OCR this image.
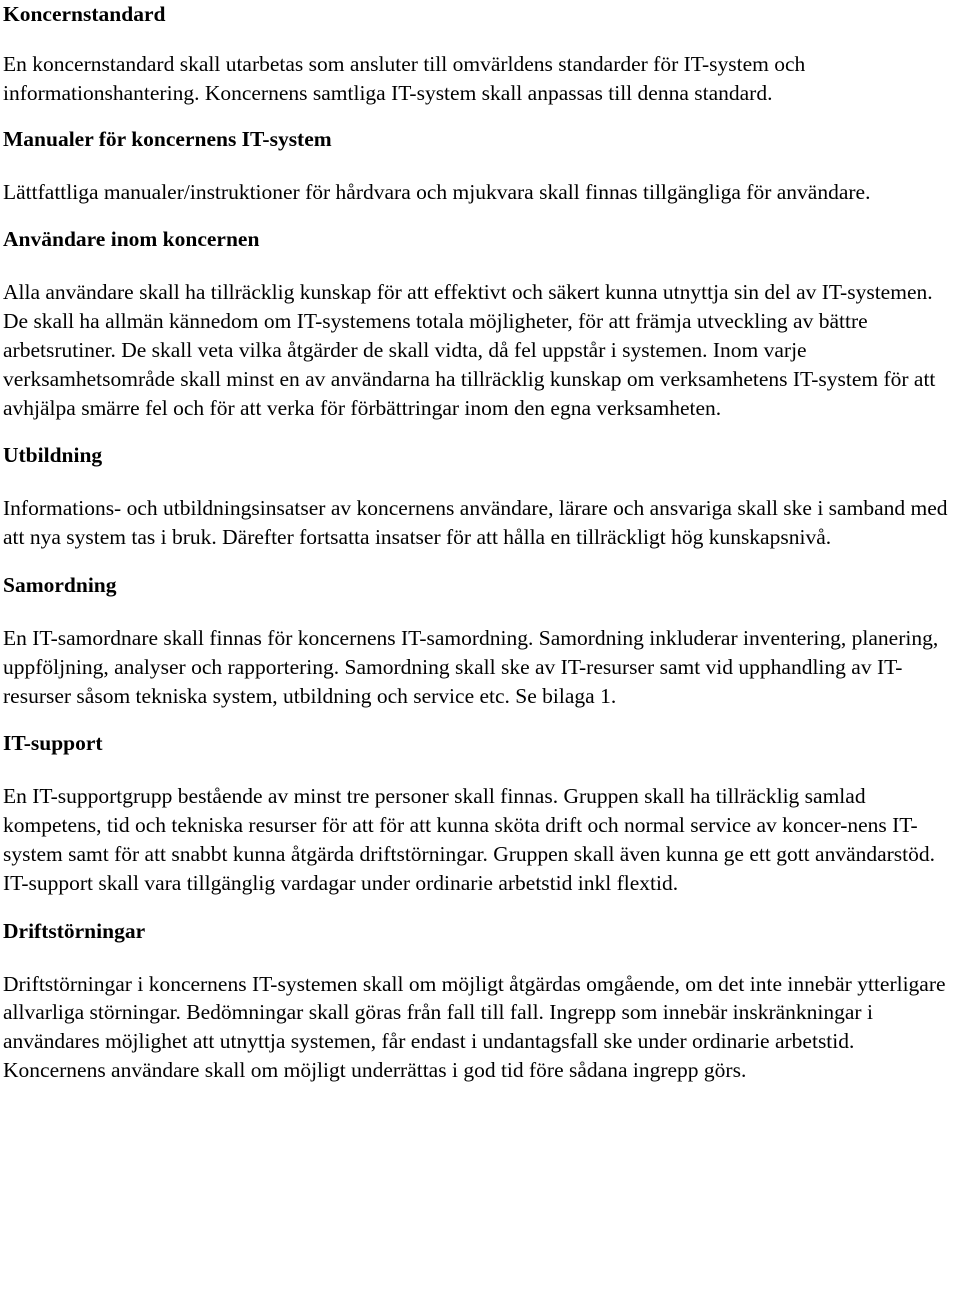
Koncernstandard

En koncernstandard skall utarbetas som ansluter till omvärldens standarder för IT-system och informationshantering. Koncernens samtliga IT-system skall anpassas till denna standard.

Manualer för koncernens IT-system

Lättfattliga manualer/instruktioner för hårdvara och mjukvara skall finnas tillgängliga för användare.

Användare inom koncernen

Alla användare skall ha tillräcklig kunskap för att effektivt och säkert kunna utnyttja sin del av IT-systemen. De skall ha allmän kännedom om IT-systemens totala möjligheter, för att främja utveckling av bättre arbetsrutiner. De skall veta vilka åtgärder de skall vidta, då fel uppstår i systemen. Inom varje verksamhetsområde skall minst en av användarna ha tillräcklig kunskap om verksamhetens IT-system för att avhjälpa smärre fel och för att verka för förbättringar inom den egna verksamheten.

Utbildning

Informations- och utbildningsinsatser av koncernens användare, lärare och ansvariga skall ske i samband med att nya system tas i bruk. Därefter fortsatta insatser för att hålla en tillräckligt hög kunskapsnivå.

Samordning

En IT-samordnare skall finnas för koncernens IT-samordning. Samordning inkluderar inventering, planering, uppföljning, analyser och rapportering. Samordning skall ske av IT-resurser samt vid upphandling av IT-resurser såsom tekniska system, utbildning och service etc. Se bilaga 1.

IT-support

En IT-supportgrupp bestående av minst tre personer skall finnas. Gruppen skall ha tillräcklig samlad kompetens, tid och tekniska resurser för att för att kunna sköta drift och normal service av koncer-nens IT-system samt för att snabbt kunna åtgärda driftstörningar. Gruppen skall även kunna ge ett gott användarstöd. IT-support skall vara tillgänglig vardagar under ordinarie arbetstid inkl flextid.

Driftstörningar

Driftstörningar i koncernens IT-systemen skall om möjligt åtgärdas omgående, om det inte innebär ytterligare allvarliga störningar. Bedömningar skall göras från fall till fall. Ingrepp som innebär inskränkningar i användares möjlighet att utnyttja systemen, får endast i undantagsfall ske under ordinarie arbetstid. Koncernens användare skall om möjligt underrättas i god tid före sådana ingrepp görs.
